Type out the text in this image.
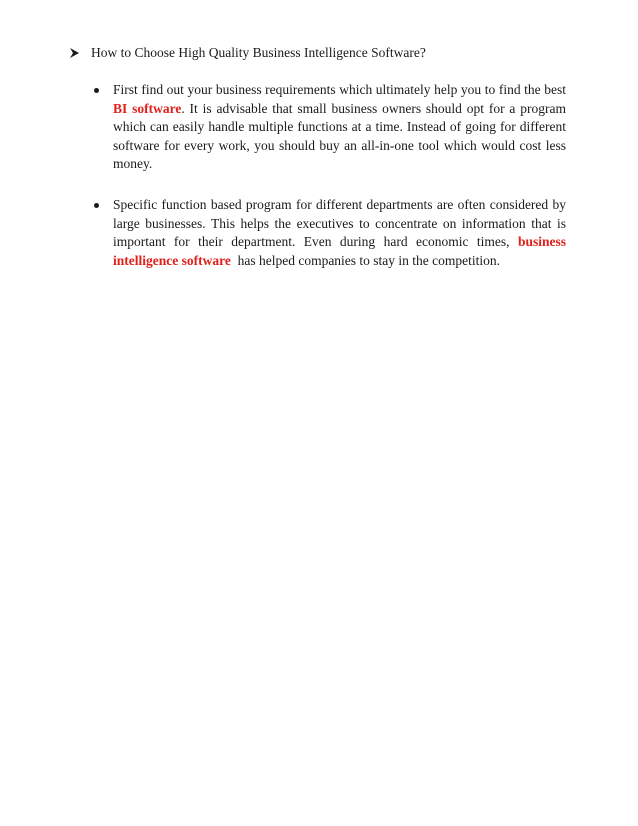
How to Choose High Quality Business Intelligence Software?

First find out your business requirements which ultimately help you to find the best BI software. It is advisable that small business owners should opt for a program which can easily handle multiple functions at a time. Instead of going for different software for every work, you should buy an all-in-one tool which would cost less money.

Specific function based program for different departments are often considered by large businesses. This helps the executives to concentrate on information that is important for their department. Even during hard economic times, business intelligence software  has helped companies to stay in the competition.
